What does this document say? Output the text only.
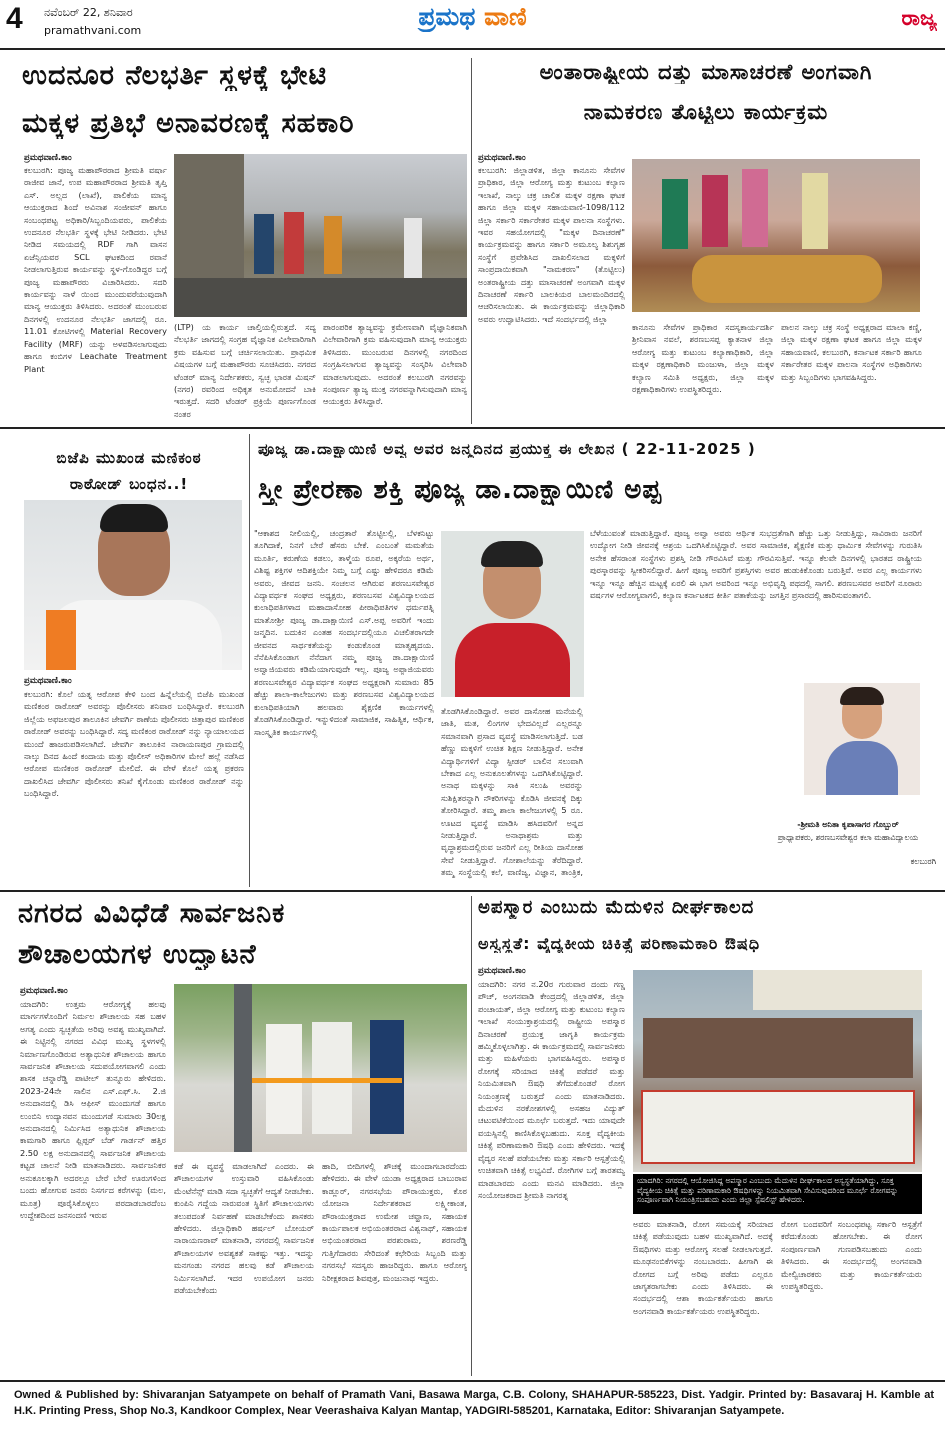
4 ನವೆಂಬರ್ 22, ಶನಿವಾರ
pramathvani.com	ಪ್ರಮಥ ವಾಣಿ	ರಾಜ್ಯ
ಉದನೂರ ನೆಲಭರ್ತಿ ಸ್ಥಳಕ್ಕೆ ಭೇಟಿ
ಮಕ್ಕಳ ಪ್ರತಿಭೆ ಅನಾವರಣಕ್ಕೆ ಸಹಕಾರಿ
ಪ್ರಮಥವಾಣಿ.ಕಾಂ
ಕಲಬುರಗಿ: ಪೂಜ್ಯ ಮಹಾಪೌರರಾದ ಶ್ರೀಮತಿ ವರ್ಷಾ ರಾಜೀವ ಜಾನೆ, ಉಪ ಮಹಾಪೌರರಾದ ಶ್ರೀಮತಿ ತೃಪ್ತಿ ಎಸ್. ಅಲ್ಲದ (ಲಾಖೆ), ಪಾಲಿಕೆಯ ಮಾನ್ಯ ಆಯುಕ್ತರಾದ ಶಿಂದೆ ಅವಿನಾಶ ಸಂಜೀವನ್ ಹಾಗೂ ಸಂಬಂಧಪಟ್ಟ ಅಧಿಕಾರಿ/ಸಿಬ್ಬಂದಿಯವರು, ಪಾಲಿಕೆಯ ಉದನೂರ ನೆಲಭರ್ತಿ ಸ್ಥಳಕ್ಕೆ ಭೇಟಿ ನೀಡಿದರು. ಭೇಟಿ ನೀಡಿದ ಸಮಯದಲ್ಲಿ RDF ಗಾಗಿ ವಾಸನ ಏಜೆನ್ಸಿಯವರ SCL ಘಟಕದಿಂದ ರವಾನೆ ನೀಡಲಾಗುತ್ತಿರುವ ಕಾರ್ಯವನ್ನು ಸ್ಥಳ-ಗೊಂಡಿದ್ದರ ಬಗ್ಗೆ ಪೂಜ್ಯ ಮಹಾಪೌರರು ವಿಚಾರಿಸಿದರು. ಸದರಿ ಕಾರ್ಯವನ್ನು ನಾಳೆ ಯಿಂದ ಮುಂದುವರೆಯುವುದಾಗಿ ಮಾನ್ಯ ಆಯುಕ್ತರು ತಿಳಿಸಿದರು. ಅದರಂತೆ ಮುಂಬರುವ ದಿನಗಳಲ್ಲಿ ಉದನೂರ ನೆಲಭರ್ತಿ ಜಾಗದಲ್ಲಿ ರೂ. 11.01 ಕೋಟಿಗಳಲ್ಲಿ Material Recovery Facility (MRF) ಯನ್ನು ಅಳವಡಿಸಲಾಗುವುದು ಹಾಗೂ ಕಂಬಿಗಳ Leachate Treatment Plant
(LTP) ಯ ಕಾರ್ಯ ಚಾಲ್ತಿಯಲ್ಲಿರುತ್ತದೆ. ಸದ್ಯ ನೆಲಭರ್ತಿ ಜಾಗದಲ್ಲಿ ಸಂಗ್ರಹ ವೈಜ್ಞಾನಿಕ ವಿಲೇವಾರಿಗಾಗಿ ಕ್ರಮ ವಹಿಸುವ ಬಗ್ಗೆ ಚರ್ಚಿಸಲಾಯಿತು. ಪ್ರಾಥಮಿಕ ವಿಷಯಗಳ ಬಗ್ಗೆ ಮಹಾಪೌರರು ಸೂಚಿಸಿದರು. ನಗರದ ಟೆಂಡರ್ ಮಾನ್ಯ ನಿರ್ದೇಶಕರು, ಸ್ವಚ್ಛ ಭಾರತ ಮಿಷನ್ (ನಗರ) ರವರಿಂದ ಅಧಿಕೃತ ಅನುಮೋದನೆ ಬಾಕಿ ಇರುತ್ತದೆ. ಸದರಿ ಟೆಂಡರ್ ಪ್ರಕ್ರಿಯೆ ಪೂರ್ಣಗೊಂಡ ನಂತರ
ಪಾರಂಪರಿಕ ತ್ಯಾಜ್ಯವನ್ನು ಕ್ರಮೇಣವಾಗಿ ವೈಜ್ಞಾನಿಕವಾಗಿ ವಿಲೇವಾರಿಗಾಗಿ ಕ್ರಮ ವಹಿಸುವುದಾಗಿ ಮಾನ್ಯ ಆಯುಕ್ತರು ತಿಳಿಸಿದರು. ಮುಂಬರುವ ದಿನಗಳಲ್ಲಿ ನಗರದಿಂದ ಸಂಗ್ರಹಿಸಲಾಗುವ ತ್ಯಾಜ್ಯವನ್ನು ಸಂಸ್ಕರಿಸಿ ವಿಲೇವಾರಿ ಮಾಡಲಾಗುವುದು. ಅದರಂತೆ ಕಲಬುರಗಿ ನಗರವನ್ನು ಸಂಪೂರ್ಣ ತ್ಯಾಜ್ಯ ಮುಕ್ತ ನಗರವನ್ನಾಗಿಸುವುದಾಗಿ ಮಾನ್ಯ ಆಯುಕ್ತರು ತಿಳಿಸಿದ್ದಾರೆ.
ಅಂತಾರಾಷ್ಟ್ರೀಯ ದತ್ತು ಮಾಸಾಚರಣೆ ಅಂಗವಾಗಿ
ನಾಮಕರಣ ತೊಟ್ಟಿಲು ಕಾರ್ಯಕ್ರಮ
ಪ್ರಮಥವಾಣಿ.ಕಾಂ
ಕಲಬುರಗಿ: ಜಿಲ್ಲಾಡಳಿತ, ಜಿಲ್ಲಾ ಕಾನೂನು ಸೇವೆಗಳ ಪ್ರಾಧಿಕಾರ, ಜಿಲ್ಲಾ ಆರೋಗ್ಯ ಮತ್ತು ಕುಟುಂಬ ಕಲ್ಯಾಣ ಇಲಾಖೆ, ನಾಲ್ಕು ಚಕ್ರ ಚಾಲಿತ ಮಕ್ಕಳ ರಕ್ಷಣಾ ಘಟಕ ಹಾಗೂ ಜಿಲ್ಲಾ ಮಕ್ಕಳ ಸಹಾಯವಾಣಿ-1098/112 ಜಿಲ್ಲಾ ಸರ್ಕಾರಿ ಸರ್ಕಾರೇತರ ಮಕ್ಕಳ ಪಾಲನಾ ಸಂಸ್ಥೆಗಳು. ಇವರ ಸಹಯೋಗದಲ್ಲಿ "ಮಕ್ಕಳ ದಿನಾಚರಣೆ" ಕಾರ್ಯಕ್ರಮವನ್ನು ಹಾಗೂ ಸರ್ಕಾರಿ ಅಮೂಲ್ಯ ಶಿಶುಗೃಹ ಸಂಸ್ಥೆಗೆ ಪ್ರವೇಶಿಸಿದ ದಾಖಲಿಸಲಾದ ಮಕ್ಕಳಿಗೆ ಸಾಂಪ್ರದಾಯಿಕವಾಗಿ "ನಾಮಕರಣ" (ತೊಟ್ಟಿಲು) ಅಂತರಾಷ್ಟ್ರೀಯ ದತ್ತು ಮಾಸಾಚರಣೆ ಅಂಗವಾಗಿ ಮಕ್ಕಳ ದಿನಾಚರಣೆ ಸರ್ಕಾರಿ ಬಾಲಕಿಯರ ಬಾಲಮಂದಿರದಲ್ಲಿ ಆಚರಿಸಲಾಯಿತು. ಈ ಕಾರ್ಯಕ್ರಮವನ್ನು ಜಿಲ್ಲಾಧಿಕಾರಿ ಅವರು ಉದ್ಘಾಟಿಸಿದರು. ಇದೆ ಸಂದರ್ಭದಲ್ಲಿ ಜಿಲ್ಲಾ
ಕಾನೂನು ಸೇವೆಗಳ ಪ್ರಾಧಿಕಾರ ಸದಸ್ಯಕಾರ್ಯದರ್ಶಿ ಶ್ರೀನಿವಾಸ ನವಲೆ, ಶರಣಬಸಪ್ಪ ಕ್ಯಾತನಾಳ ಜಿಲ್ಲಾ ಆರೋಗ್ಯ ಮತ್ತು ಕುಟುಂಬ ಕಲ್ಯಾಣಾಧಿಕಾರಿ, ಜಿಲ್ಲಾ ಮಕ್ಕಳ ರಕ್ಷಣಾಧಿಕಾರಿ ಮಂಜುಳಾ, ಜಿಲ್ಲಾ ಮಕ್ಕಳ ಕಲ್ಯಾಣ ಸಮಿತಿ ಅಧ್ಯಕ್ಷರು, ಜಿಲ್ಲಾ ಮಕ್ಕಳ ರಕ್ಷಣಾಧಿಕಾರಿಗಳು ಉಪಸ್ಥಿತರಿದ್ದರು.
ಪಾಲನ ನಾಲ್ಕು ಚಕ್ರ ಸಂಸ್ಥೆ ಅಧ್ಯಕ್ಷರಾದ ಮಾಲಾ ಕಣ್ಣಿ, ಜಿಲ್ಲಾ ಮಕ್ಕಳ ರಕ್ಷಣಾ ಘಟಕ ಹಾಗೂ ಜಿಲ್ಲಾ ಮಕ್ಕಳ ಸಹಾಯವಾಣಿ, ಕಲಬುರಗಿ, ಕರ್ನಾಟಕ ಸರ್ಕಾರಿ ಹಾಗೂ ಸರ್ಕಾರೇತರ ಮಕ್ಕಳ ಪಾಲನಾ ಸಂಸ್ಥೆಗಳ ಅಧಿಕಾರಿಗಳು ಮತ್ತು ಸಿಬ್ಬಂದಿಗಳು ಭಾಗವಹಿಸಿದ್ದರು.
ಬಿಜೆಪಿ ಮುಖಂಡ ಮಣಿಕಂಠ
ರಾಠೋಡ್ ಬಂಧನ..!
ಪ್ರಮಥವಾಣಿ.ಕಾಂ
ಕಲಬುರಗಿ: ಕೊಲೆ ಯತ್ನ ಆರೋಪ ಕೇಳಿ ಬಂದ ಹಿನ್ನೆಲೆಯಲ್ಲಿ ಬಿಜೆಪಿ ಮುಖಂಡ ಮಣಿಕಂಠ ರಾಠೋಡ್ ಅವರನ್ನು ಪೊಲೀಸರು ಶನಿವಾರ ಬಂಧಿಸಿದ್ದಾರೆ. ಕಲಬುರಗಿ ಜಿಲ್ಲೆಯ ಅಫಜಲಪುರ ತಾಲೂಕಿನ ಜೇವರ್ಗಿ ಠಾಣೆಯ ಪೊಲೀಸರು ಚಿತ್ತಾಪುರ ಮಣಿಕಂಠ ರಾಠೋಡ್ ಅವರನ್ನು ಬಂಧಿಸಿದ್ದಾರೆ. ಸದ್ಯ ಮಣಿಕಂಠ ರಾಠೋಡ್ ನನ್ನು ನ್ಯಾಯಾಲಯದ ಮುಂದೆ ಹಾಜರುಪಡಿಸಲಾಗಿದೆ. ಜೇವರ್ಗಿ ತಾಲೂಕಿನ ನಾರಾಯಣಪುರ ಗ್ರಾಮದಲ್ಲಿ ನಾಲ್ಕು ದಿನದ ಹಿಂದೆ ಕಂದಾಯ ಮತ್ತು ಪೊಲೀಸ್ ಅಧಿಕಾರಿಗಳ ಮೇಲೆ ಹಲ್ಲೆ ನಡೆಸಿದ ಆರೋಪ ಮಣಿಕಂಠ ರಾಠೋಡ್ ಮೇಲಿದೆ. ಈ ವೇಳೆ ಕೊಲೆ ಯತ್ನ ಪ್ರಕರಣ ದಾಖಲಿಸಿದ ಜೇವರ್ಗಿ ಪೊಲೀಸರು ತನಿಖೆ ಕೈಗೊಂಡು ಮಣಿಕಂಠ ರಾಠೋಡ್ ನನ್ನು ಬಂಧಿಸಿದ್ದಾರೆ.
ಪೂಜ್ಯ ಡಾ.ದಾಕ್ಷಾಯಿಣಿ ಅವ್ವ ಅವರ ಜನ್ಮದಿನದ ಪ್ರಯುಕ್ತ ಈ ಲೇಖನ ( 22-11-2025 )
ಸ್ತ್ರೀ ಪ್ರೇರಣಾ ಶಕ್ತಿ ಪೂಜ್ಯ ಡಾ.ದಾಕ್ಷಾಯಿಣಿ ಅಪ್ಪ
"ಆಕಾಶದ ನೀಲಿಯಲ್ಲಿ, ಚಂದ್ರತಾರೆ ತೊಟ್ಟಿಲಲ್ಲಿ, ಬೆಳಕನಿಟ್ಟು ತೂಗಿದಾಕೆ, ನಿನಗೆ ಬೇರೆ ಹೆಸರು ಬೇಕೆ. ಎಂಬಂತೆ ಮಮತೆಯ ಮೂರ್ತಿ, ಕರುಣೆಯ ಕಡಲು, ತಾಳ್ಮೆಯ ರೂಪ, ಅಕ್ಕರೆಯ ಅರ್ಥ, ವಿಶಿಷ್ಟ ಶಕ್ತಿಗಳ ಆದಿಶಕ್ತಿಯೇ ನಿಮ್ಮ ಬಗ್ಗೆ ಎಷ್ಟು ಹೇಳಿದರೂ ಕಡಿಮೆ ಅವರು, ಜೀವದ ಜನನಿ. ಸಂಚಲನ ಆಗಿರುವ ಶರಣಬಸವೇಶ್ವರ ವಿದ್ಯಾವರ್ಧಕ ಸಂಘದ ಅಧ್ಯಕ್ಷರು, ಶರಣಬಸವ ವಿಶ್ವವಿದ್ಯಾಲಯದ ಕುಲಾಧಿಪತಿಗಳಾದ ಮಹಾದಾಸೋಹ ಪೀಠಾಧಿಪತಿಗಳ ಧರ್ಮಪತ್ನಿ ಮಾತೋಶ್ರೀ ಪೂಜ್ಯ ಡಾ.ದಾಕ್ಷಾಯಿಣಿ ಎಸ್.ಅಪ್ಪ ಅವರಿಗೆ ಇಂದು ಜನ್ಮದಿನ. ಬದುಕಿನ ಎಂತಹ ಸಂದರ್ಭದಲ್ಲಿಯೂ ವಿಚಲಿತರಾಗದೇ ಜೀವನದ ಸಾರ್ಥಕತೆಯನ್ನು ಕಂಡುಕೊಂಡ ಮಾತೃಹೃದಯ. ನೆನೆಪಿಸಿಕೊಂಡಾಗ ನೆನೆದಾಗ ನಮ್ಮ ಪೂಜ್ಯ ಡಾ.ದಾಕ್ಷಾಯಿಣಿ ಅವ್ವಾಜಿಯವರು ಕಡಿಮೆಯಾಗುವುದೇ ಇಲ್ಲ. ಪೂಜ್ಯ ಅಪ್ಪಾಜಿಯವರು ಶರಣಬಸವೇಶ್ವರ ವಿದ್ಯಾವರ್ಧಕ ಸಂಘದ ಅಧ್ಯಕ್ಷರಾಗಿ ಸುಮಾರು 85 ಹೆಚ್ಚು ಶಾಲಾ-ಕಾಲೇಜುಗಳು ಮತ್ತು ಶರಣಬಸವ ವಿಶ್ವವಿದ್ಯಾಲಯದ ಕುಲಾಧಿಪತಿಯಾಗಿ ಹಲವಾರು ಶೈಕ್ಷಣಿಕ ಕಾರ್ಯಗಳಲ್ಲಿ ತೊಡಗಿಸಿಕೊಂಡಿದ್ದಾರೆ. ಇನ್ನುಳಿದಂತೆ ಸಾಮಾಜಿಕ, ಸಾಹಿತ್ಯಿಕ, ಆರ್ಥಿಕ, ಸಾಂಸ್ಕೃತಿಕ ಕಾರ್ಯಗಳಲ್ಲಿ
ತೊಡಗಿಸಿಕೊಂಡಿದ್ದಾರೆ. ಅವರ ದಾಸೋಹ ಮನೆಯಲ್ಲಿ ಜಾತಿ, ಮತ, ಲಿಂಗಗಳ ಭೇದವಿಲ್ಲದೆ ಎಲ್ಲರನ್ನೂ ಸಮಾನವಾಗಿ ಪ್ರಸಾದ ವ್ಯವಸ್ಥೆ ಮಾಡಿಸಲಾಗುತ್ತಿದೆ. ಬಡ ಹೆಣ್ಣು ಮಕ್ಕಳಿಗೆ ಉಚಿತ ಶಿಕ್ಷಣ ನೀಡುತ್ತಿದ್ದಾರೆ. ಅನೇಕ ವಿದ್ಯಾರ್ಥಿಗಳಿಗೆ ವಿದ್ಯಾ ಸ್ಪೀಡರ್ ಬಾಲಿನ ಸಲುವಾಗಿ ಬೇಕಾದ ಎಲ್ಲ ಅನುಕೂಲತೆಗಳನ್ನು ಒದಗಿಸಿಕೊಟ್ಟಿದ್ದಾರೆ. ಅನಾಥ ಮಕ್ಕಳನ್ನು ಸಾಕಿ ಸಲುಹಿ ಅವರನ್ನು ಸುಶಿಕ್ಷಿತರನ್ನಾಗಿ ನೌಕರಿಗಳನ್ನು ಕೊಡಿಸಿ ಜೀವನಕ್ಕೆ ದಿಕ್ಕು ತೋರಿಸಿದ್ದಾರೆ. ತಮ್ಮ ಶಾಲಾ ಕಾಲೇಜುಗಳಲ್ಲಿ 5 ರೂ. ಊಟದ ವ್ಯವಸ್ಥೆ ಮಾಡಿಸಿ ಹಸಿದವರಿಗೆ ಅನ್ನದ ನೀಡುತ್ತಿದ್ದಾರೆ. ಅನಾಥಾಶ್ರಮ ಮತ್ತು ವೃದ್ಧಾಶ್ರಮದಲ್ಲಿರುವ ಜನರಿಗೆ ಎಲ್ಲ ರೀತಿಯ ದಾಸೋಹ ಸೇವೆ ನೀಡುತ್ತಿದ್ದಾರೆ. ಗೋಶಾಲೆಯನ್ನು ತೆರೆದಿದ್ದಾರೆ. ತಮ್ಮ ಸಂಸ್ಥೆಯಲ್ಲಿ ಕಲೆ, ವಾಣಿಜ್ಯ, ವಿಜ್ಞಾನ, ತಾಂತ್ರಿಕ,
ಬೆಳೆಯುವಂತೆ ಮಾಡುತ್ತಿದ್ದಾರೆ. ಪೂಜ್ಯ ಅವ್ವಾ ಅವರು ಆರ್ಥಿಕ ಸುಭದ್ರತೆಗಾಗಿ ಹೆಚ್ಚು ಒತ್ತು ನೀಡುತ್ತಿದ್ದು, ಸಾವಿರಾರು ಜನರಿಗೆ ಉದ್ಯೋಗ ನೀಡಿ ಜೀವನಕ್ಕೆ ಆಶ್ರಯ ಒದಗಿಸಿಕೊಟ್ಟಿದ್ದಾರೆ. ಅವರ ಸಾಮಾಜಿಕ, ಶೈಕ್ಷಣಿಕ ಮತ್ತು ಧಾರ್ಮಿಕ ಸೇವೆಗಳನ್ನು ಗುರುತಿಸಿ ಅನೇಕ ಹೆಸರಾಂತ ಸಂಸ್ಥೆಗಳು ಪ್ರಶಸ್ತಿ ನೀಡಿ ಗೌರವಿಸಿವೆ ಮತ್ತು ಗೌರವಿಸುತ್ತಿವೆ. ಇನ್ನೂ ಕೆಲವೇ ದಿನಗಳಲ್ಲಿ ಭಾರತದ ರಾಷ್ಟ್ರೀಯ ಪುರಸ್ಕಾರವನ್ನು ಸ್ವೀಕರಿಸಲಿದ್ದಾರೆ. ಹೀಗೆ ಪೂಜ್ಯ ಅವರಿಗೆ ಪ್ರಶಸ್ತಿಗಳು ಅವರ ಹುಡುಕಿಕೊಂಡು ಬರುತ್ತಿವೆ. ಅವರ ಎಲ್ಲ ಕಾರ್ಯಗಳು ಇನ್ನೂ ಇನ್ನೂ ಹೆಚ್ಚಿನ ಮಟ್ಟಕ್ಕೆ ಏರಲಿ ಈ ಭಾಗ ಅವರಿಂದ ಇನ್ನೂ ಅಭಿವೃದ್ಧಿ ಪಥದಲ್ಲಿ ಸಾಗಲಿ. ಶರಣಬಸವರ ಅವರಿಗೆ ನೂರಾರು ವರ್ಷಗಳ ಆರೋಗ್ಯವಾಗಲಿ, ಕಲ್ಯಾಣ ಕರ್ನಾಟಕದ ಕೀರ್ತಿ ಪತಾಕೆಯನ್ನು ಜಗತ್ತಿನ ಪ್ರಸಾರದಲ್ಲಿ ಹಾರಿಸುವಂತಾಗಲಿ.
-ಶ್ರೀಮತಿ ಅನಿತಾ ಕೃಪಾಸಾಗರ ಗೊಬ್ಬುರ್
ಪ್ರಾಧ್ಯಾಪಕರು, ಶರಣಬಸವೇಶ್ವರ ಕಲಾ ಮಹಾವಿದ್ಯಾಲಯ
ಕಲಬುರಗಿ
ನಗರದ ವಿವಿಧೆಡೆ ಸಾರ್ವಜನಿಕ
ಶೌಚಾಲಯಗಳ ಉದ್ಘಾಟನೆ
ಪ್ರಮಥವಾಣಿ.ಕಾಂ
ಯಾದಗಿರಿ: ಉತ್ತಮ ಆರೋಗ್ಯಕ್ಕೆ ಹಲವು ಮಾರ್ಗಗಳೊಂದಿಗೆ ನಿರ್ಮಲ ಶೌಚಾಲಯ ಸಹ ಬಹಳ ಅಗತ್ಯ ಎಂದು ಸ್ವಚ್ಛತೆಯ ಅರಿವು ಅವಶ್ಯ ಮುಖ್ಯವಾಗಿದೆ. ಈ ನಿಟ್ಟಿನಲ್ಲಿ ನಗರದ ವಿವಿಧ ಮುಖ್ಯ ಸ್ಥಳಗಳಲ್ಲಿ ನಿರ್ಮಾಣಗೊಂಡಿರುವ ಅತ್ಯಾಧುನಿಕ ಶೌಚಾಲಯ ಹಾಗೂ ಸಾರ್ವಜನಿಕ ಶೌಚಾಲಯ ಸದುಪಯೋಗವಾಗಲಿ ಎಂದು ಶಾಸಕ ಚನ್ನಾರೆಡ್ಡಿ ಪಾಟೀಲ್ ತುನ್ನೂರು ಹೇಳಿದರು. 2023-24ನೇ ಸಾಲಿನ ಎಸ್.ಎಫ್.ಸಿ. 2.ಜಿ ಅನುದಾನದಲ್ಲಿ ಡಿಸಿ ಆಫೀಸ್ ಮುಂದುಗಡೆ ಹಾಗೂ ಲುಂಬಿನಿ ಉದ್ಯಾನವನ ಮುಂದುಗಡೆ ಸುಮಾರು 30ಲಕ್ಷ ಅನುದಾನದಲ್ಲಿ ನಿರ್ಮಿಸಿದ ಅತ್ಯಾಧುನಿಕ ಶೌಚಾಲಯ ಕಾಮಗಾರಿ ಹಾಗೂ ಫ್ಲಿಪ್ಪರ್ ಬೆಡ್ ಗಾರ್ಡನ್ ಹತ್ತಿರ 2.50 ಲಕ್ಷ ಅನುದಾನದಲ್ಲಿ ಸಾರ್ವಜನಿಕ ಶೌಚಾಲಯ ಕಟ್ಟಡ ಚಾಲನೆ ನೀಡಿ ಮಾತನಾಡಿದರು. ಸಾರ್ವಜನಿಕರ ಅನುಕೂಲಕ್ಕಾಗಿ ಅದರಲ್ಲೂ ಬೇರೆ ಬೇರೆ ಊರುಗಳಿಂದ ಬಂದು ಹೋಗುವ ಜನರು ನಿಸರ್ಗದ ಕರೆಗಳನ್ನು (ಮಲ, ಮೂತ್ರ) ಪೂರೈಸಿಕೊಳ್ಳಲು ಪರದಾಡಬಾರದೆಂಬ ಉದ್ದೇಶದಿಂದ ಜನಸಂದಣಿ ಇರುವ
ಕಡೆ ಈ ವ್ಯವಸ್ಥೆ ಮಾಡಲಾಗಿದೆ ಎಂದರು. ಈ ಶೌಚಾಲಯಗಳ ಉಸ್ತುವಾರಿ ವಹಿಸಿಕೊಂಡು ಮೆಂಟೆನೆನ್ಸ್ ಮಾಡಿ ಸದಾ ಸ್ವಚ್ಛತೆಗೆ ಆದ್ಯತೆ ನೀಡಬೇಕು. ಕುಂಪಿನಿ ಗದ್ದೆಯ ನಾರುವಂತ ಸ್ಥಿತಿಗೆ ಶೌಚಾಲಯಗಳು ತಲುಪದಂತೆ ನಿರ್ವಹಣೆ ಮಾಡಬೇಕೆಂದು ಶಾಸಕರು ಹೇಳಿದರು. ಜಿಲ್ಲಾಧಿಕಾರಿ ಹರ್ಷಲ್ ಬೋಯರ್ ನಾರಾಯಣರಾವ್ ಮಾತನಾಡಿ, ನಗರದಲ್ಲಿ ಸಾರ್ವಜನಿಕ ಶೌಚಾಲಯಗಳ ಅವಶ್ಯಕತೆ ಸಾಕಷ್ಟು ಇತ್ತು. ಇದನ್ನು ಮನಗಂಡು ನಗರದ ಹಲವು ಕಡೆ ಶೌಚಾಲಯ ನಿರ್ಮಿಸಲಾಗಿದೆ. ಇದರ ಉಪಯೋಗ ಜನರು ಪಡೆಯಬೇಕೆಂದು
ಹಾದಿ, ಬೀದಿಗಳಲ್ಲಿ ಶೌಚಕ್ಕೆ ಮುಂದಾಗಬಾರದೆಂದು ಹೇಳಿದರು. ಈ ವೇಳೆ ಯುಡಾ ಅಧ್ಯಕ್ಷರಾದ ಬಾಬುರಾವ ಕಾಡ್ಲೂರ್, ನಗರಸಭೆಯ ಪೌರಾಯುಕ್ತರು, ಕೊಠ ಯೋಜನಾ ನಿರ್ದೇಶಕರಾದ ಲಕ್ಷ್ಮೀಕಾಂತ, ಪೌರಾಯುಕ್ತರಾದ ಉಮೇಶ ಚವ್ಹಾಣ, ಸಹಾಯಕ ಕಾರ್ಯಪಾಲಕ ಅಭಿಯಂತರರಾದ ವಿಶ್ವನಾಥ್, ಸಹಾಯಕ ಅಭಿಯಂತರರಾದ ಪರಶುರಾಮ, ಶರಣರೆಡ್ಡಿ ಗುತ್ತಿಗೆದಾರರು ಸೇರಿದಂತೆ ಕಛೇರಿಯ ಸಿಬ್ಬಂದಿ ಮತ್ತು ನಗರಸಭೆ ಸದಸ್ಯರು ಹಾಜರಿದ್ದರು. ಹಾಗೂ ಆರೋಗ್ಯ ನಿರೀಕ್ಷಕರಾದ ಶಿವಪುತ್ರ, ಮಂಜುನಾಥ ಇದ್ದರು.
ಅಪಸ್ಮಾರ ಎಂಬುದು ಮೆದುಳಿನ ದೀರ್ಘಕಾಲದ
ಅಸ್ವಸ್ಥತೆ: ವೈದ್ಯಕೀಯ ಚಿಕಿತ್ಸೆ ಪರಿಣಾಮಕಾರಿ ಔಷಧಿ
ಪ್ರಮಥವಾಣಿ.ಕಾಂ
ಯಾದಗಿರಿ: ನಗರ ನ.20ರ ಗುರುವಾರ ದಂದು ಗಣ್ಣ ಪೌಚ್, ಅಂಗನವಾಡಿ ಕೇಂದ್ರದಲ್ಲಿ ಜಿಲ್ಲಾಡಳಿತ, ಜಿಲ್ಲಾ ಪಂಚಾಯತ್, ಜಿಲ್ಲಾ ಆರೋಗ್ಯ ಮತ್ತು ಕುಟುಂಬ ಕಲ್ಯಾಣ ಇಲಾಖೆ ಸಂಯುಕ್ತಾಶ್ರಯದಲ್ಲಿ ರಾಷ್ಟ್ರೀಯ ಅಪಸ್ಮಾರ ದಿನಾಚರಣೆ ಪ್ರಯುಕ್ತ ಜಾಗೃತಿ ಕಾರ್ಯಕ್ರಮ ಹಮ್ಮಿಕೊಳ್ಳಲಾಗಿತ್ತು. ಈ ಕಾರ್ಯಕ್ರಮದಲ್ಲಿ ಸಾರ್ವಜನಿಕರು ಮತ್ತು ಮಹಿಳೆಯರು ಭಾಗವಹಿಸಿದ್ದರು. ಅಪಸ್ಮಾರ ರೋಗಕ್ಕೆ ಸರಿಯಾದ ಚಿಕಿತ್ಸೆ ಪಡೆದರೆ ಮತ್ತು ನಿಯಮಿತವಾಗಿ ಔಷಧಿ ತೆಗೆದುಕೊಂಡರೆ ರೋಗ ನಿಯಂತ್ರಣಕ್ಕೆ ಬರುತ್ತದೆ ಎಂದು ಮಾತನಾಡಿದರು. ಮೆದುಳಿನ ನರಕೋಶಗಳಲ್ಲಿ ಅಸಹಜ ವಿದ್ಯುತ್ ಚಟುವಟಿಕೆಯಿಂದ ಮೂರ್ಛೆ ಬರುತ್ತದೆ. ಇದು ಯಾವುದೇ ವಯಸ್ಸಿನಲ್ಲಿ ಕಾಣಿಸಿಕೊಳ್ಳಬಹುದು. ಸೂಕ್ತ ವೈದ್ಯಕೀಯ ಚಿಕಿತ್ಸೆ ಪರಿಣಾಮಕಾರಿ ಔಷಧಿ ಎಂದು ಹೇಳಿದರು. ಇದಕ್ಕೆ ವೈದ್ಯರ ಸಲಹೆ ಪಡೆಯಬೇಕು ಮತ್ತು ಸರ್ಕಾರಿ ಆಸ್ಪತ್ರೆಯಲ್ಲಿ ಉಚಿತವಾಗಿ ಚಿಕಿತ್ಸೆ ಲಭ್ಯವಿದೆ. ರೋಗಿಗಳ ಬಗ್ಗೆ ತಾರತಮ್ಯ ಮಾಡಬಾರದು ಎಂದು ಮನವಿ ಮಾಡಿದರು. ಜಿಲ್ಲಾ ಸಂಯೋಜಕರಾದ ಶ್ರೀಮತಿ ನಾಗರತ್ನ
ಯಾದಗಿರಿ: ನಗರದಲ್ಲಿ ಆಯೋಜಿಸಿದ್ದ ಅಪಸ್ಮಾರ ಎಂಬುದು ಮೆದುಳಿನ ದೀರ್ಘಕಾಲದ ಅಸ್ವಸ್ಥತೆಯಾಗಿದ್ದು, ಸೂಕ್ತ ವೈದ್ಯಕೀಯ ಚಿಕಿತ್ಸೆ ಮತ್ತು ಪರಿಣಾಮಕಾರಿ ಔಷಧಿಗಳನ್ನು ನಿಯಮಿತವಾಗಿ ಸೇವಿಸುವುದರಿಂದ ಮೂರ್ಛೆ ರೋಗವನ್ನು ಸಂಪೂರ್ಣವಾಗಿ ನಿಯಂತ್ರಿಸಬಹುದು ಎಂದು ಜಿಲ್ಲಾ ಸ್ಪೆಷಲಿಸ್ಟ್ ಹೇಳಿದರು.
ಅವರು ಮಾತನಾಡಿ, ರೋಗ ಸಮಯಕ್ಕೆ ಸರಿಯಾದ ಚಿಕಿತ್ಸೆ ಪಡೆಯುವುದು ಬಹಳ ಮುಖ್ಯವಾಗಿದೆ. ಅದಕ್ಕೆ ಔಷಧಿಗಳು ಮತ್ತು ಆರೋಗ್ಯ ಸಲಹೆ ನೀಡಲಾಗುತ್ತದೆ. ಮೂಢನಂಬಿಕೆಗಳನ್ನು ನಂಬಬಾರದು. ಹೀಗಾಗಿ ಈ ರೋಗದ ಬಗ್ಗೆ ಅರಿವು ಪಡೆದು ಎಲ್ಲರೂ ಜಾಗೃತರಾಗಬೇಕು ಎಂದು ತಿಳಿಸಿದರು. ಈ ಸಂದರ್ಭದಲ್ಲಿ ಆಶಾ ಕಾರ್ಯಕರ್ತೆಯರು ಹಾಗೂ ಅಂಗನವಾಡಿ ಕಾರ್ಯಕರ್ತೆಯರು ಉಪಸ್ಥಿತರಿದ್ದರು.
ರೋಗ ಬಂದವರಿಗೆ ಸಂಬಂಧಪಟ್ಟ ಸರ್ಕಾರಿ ಆಸ್ಪತ್ರೆಗೆ ಕರೆದುಕೊಂಡು ಹೋಗಬೇಕು. ಈ ರೋಗ ಸಂಪೂರ್ಣವಾಗಿ ಗುಣಪಡಿಸಬಹುದು ಎಂದು ತಿಳಿಸಿದರು. ಈ ಸಂದರ್ಭದಲ್ಲಿ ಅಂಗನವಾಡಿ ಮೇಲ್ವಿಚಾರಕರು ಮತ್ತು ಕಾರ್ಯಕರ್ತೆಯರು ಉಪಸ್ಥಿತರಿದ್ದರು.
Owned & Published by: Shivaranjan Satyampete on behalf of Pramath Vani, Basawa Marga, C.B. Colony, SHAHAPUR-585223, Dist. Yadgir. Printed by: Basavaraj H. Kamble at H.K. Printing Press, Shop No.3, Kandkoor Complex, Near Veerashaiva Kalyan Mantap, YADGIRI-585201, Karnataka, Editor: Shivaranjan Satyampete.
